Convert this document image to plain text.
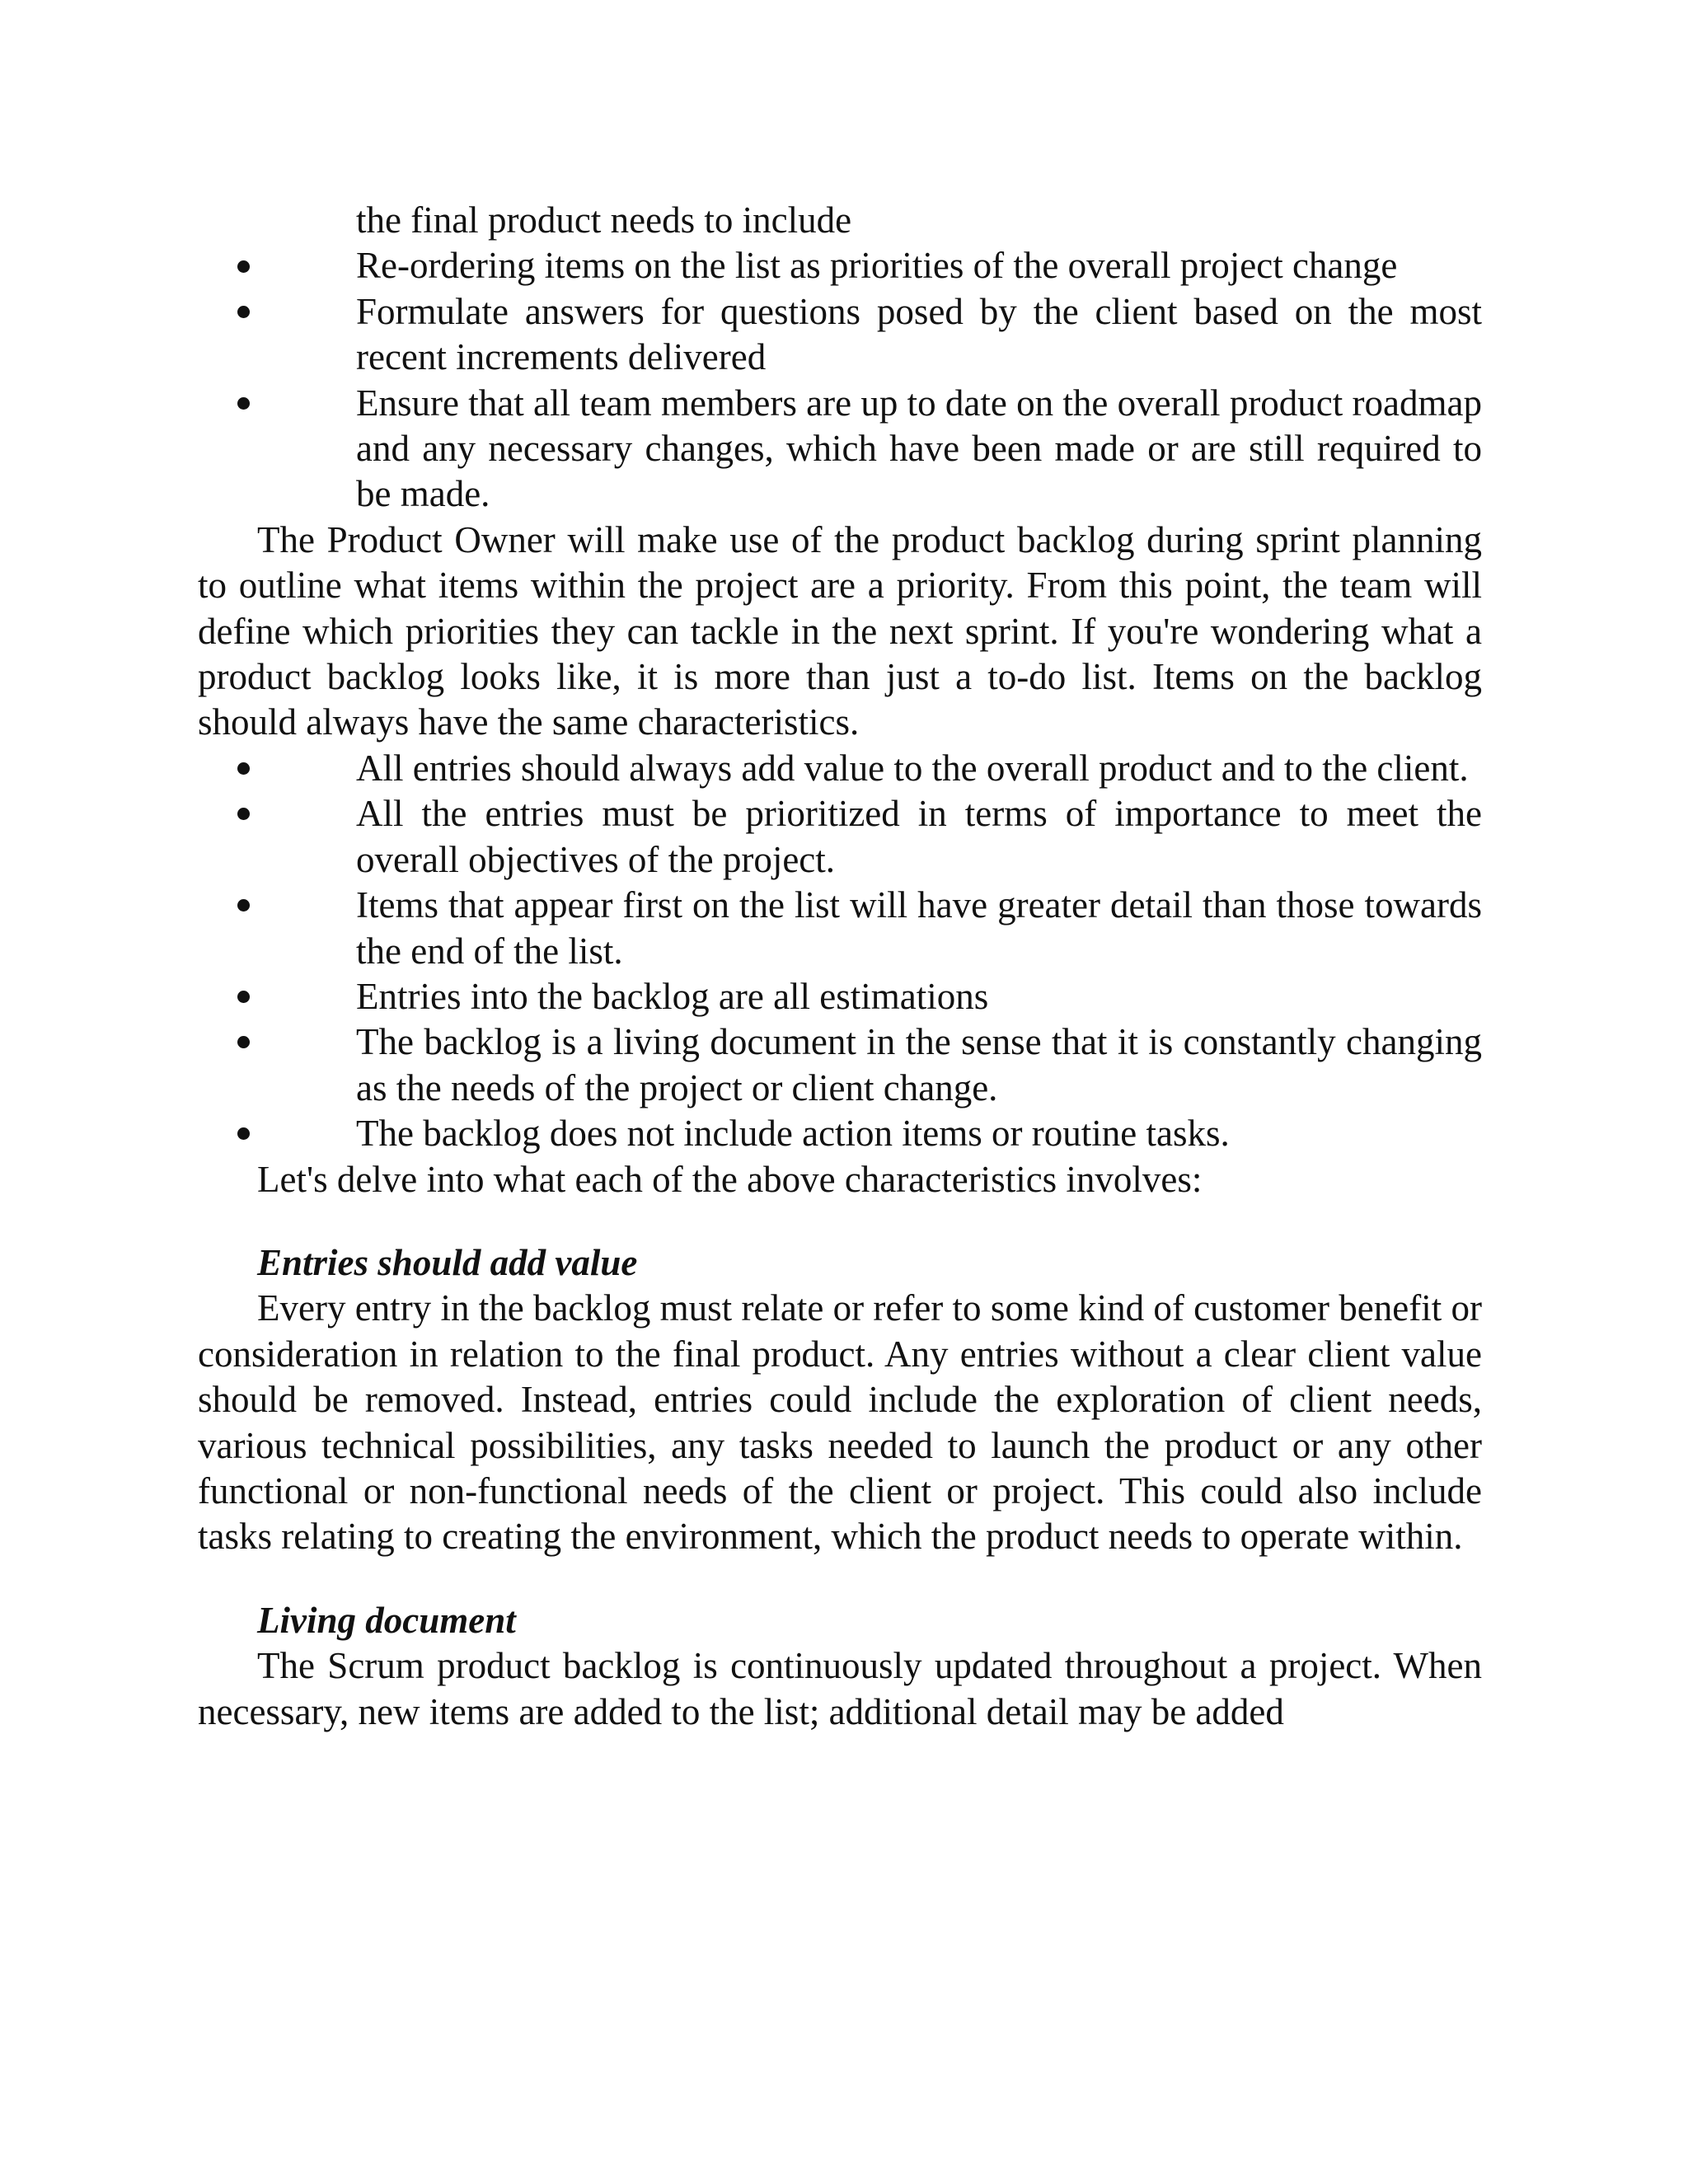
the final product needs to include
Re-ordering items on the list as priorities of the overall project change
Formulate answers for questions posed by the client based on the most recent increments delivered
Ensure that all team members are up to date on the overall product roadmap and any necessary changes, which have been made or are still required to be made.

The Product Owner will make use of the product backlog during sprint planning to outline what items within the project are a priority. From this point, the team will define which priorities they can tackle in the next sprint. If you're wondering what a product backlog looks like, it is more than just a to-do list. Items on the backlog should always have the same characteristics.

All entries should always add value to the overall product and to the client.
All the entries must be prioritized in terms of importance to meet the overall objectives of the project.
Items that appear first on the list will have greater detail than those towards the end of the list.
Entries into the backlog are all estimations
The backlog is a living document in the sense that it is constantly changing as the needs of the project or client change.
The backlog does not include action items or routine tasks.

Let's delve into what each of the above characteristics involves:

Entries should add value

Every entry in the backlog must relate or refer to some kind of customer benefit or consideration in relation to the final product. Any entries without a clear client value should be removed. Instead, entries could include the exploration of client needs, various technical possibilities, any tasks needed to launch the product or any other functional or non-functional needs of the client or project. This could also include tasks relating to creating the environment, which the product needs to operate within.

Living document

The Scrum product backlog is continuously updated throughout a project. When necessary, new items are added to the list; additional detail may be added
